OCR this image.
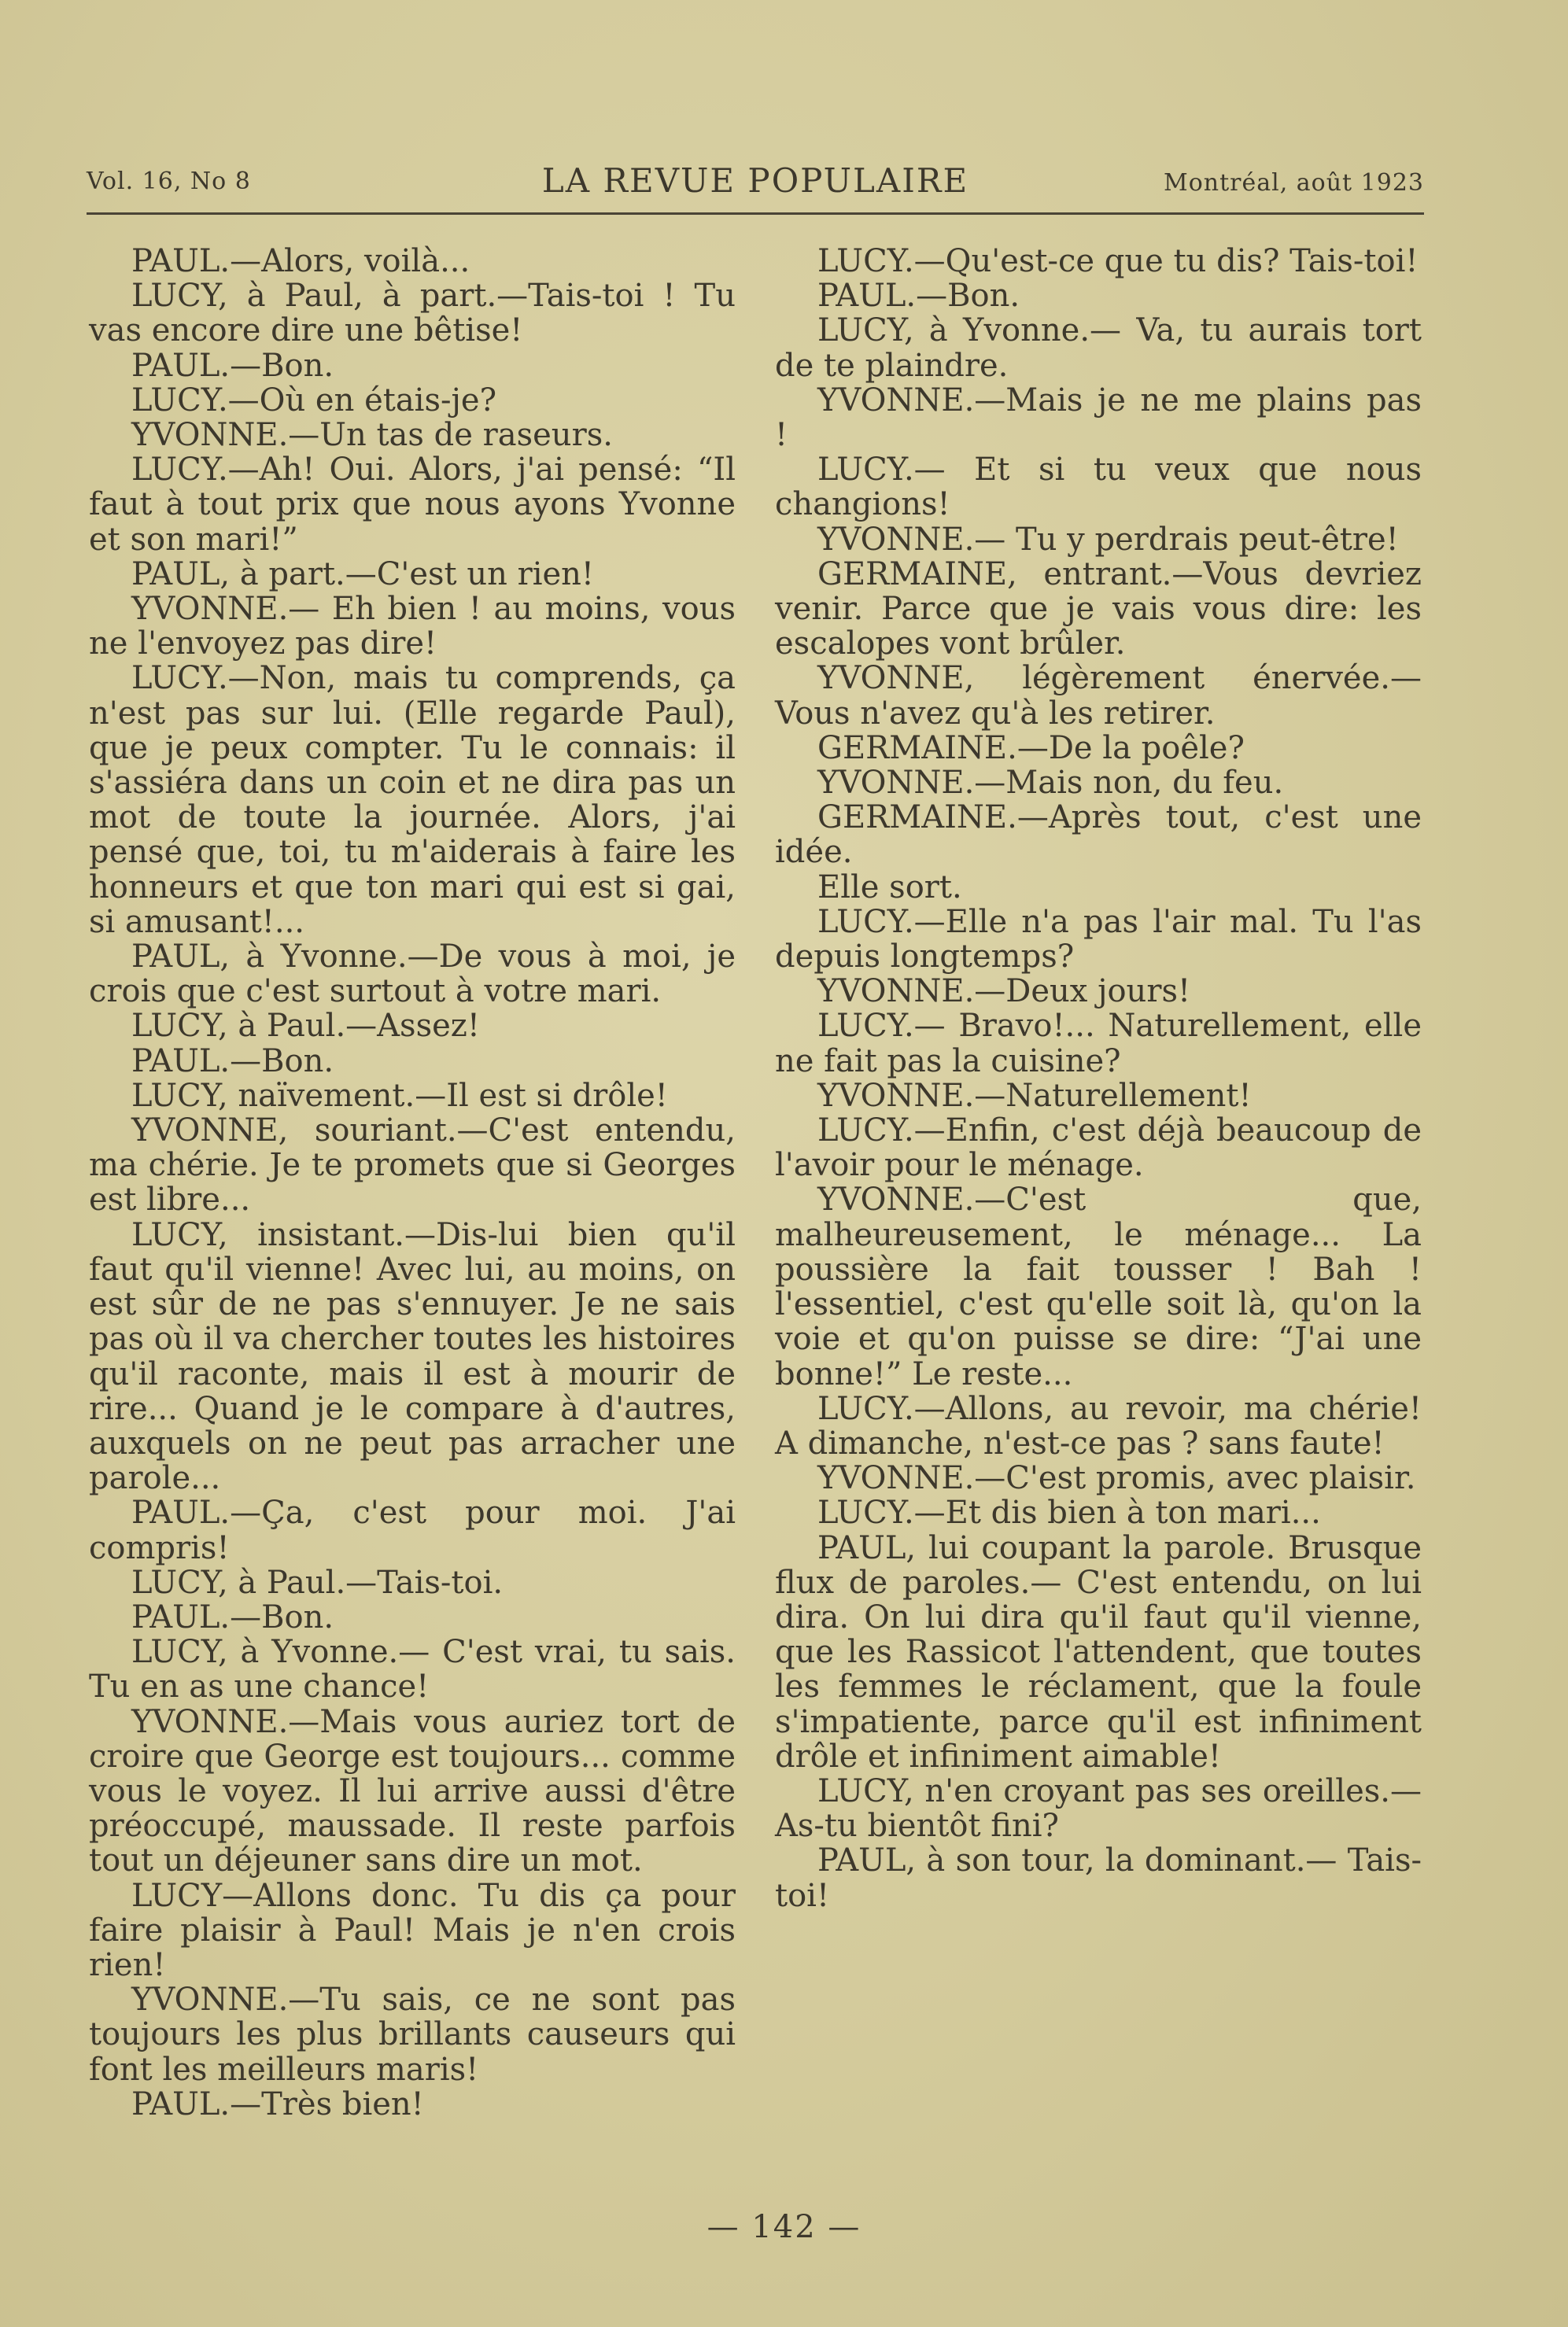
Vol. 16, No 8	LA REVUE POPULAIRE	Montréal, août 1923

PAUL.—Alors, voilà...

LUCY, à Paul, à part.—Tais-toi ! Tu vas encore dire une bêtise!

PAUL.—Bon.

LUCY.—Où en étais-je?

YVONNE.—Un tas de raseurs.

LUCY.—Ah! Oui. Alors, j'ai pensé: “Il faut à tout prix que nous ayons Yvonne et son mari!”

PAUL, à part.—C'est un rien!

YVONNE.— Eh bien ! au moins, vous ne l'envoyez pas dire!

LUCY.—Non, mais tu comprends, ça n'est pas sur lui. (Elle regarde Paul), que je peux compter. Tu le connais: il s'assiéra dans un coin et ne dira pas un mot de toute la journée. Alors, j'ai pensé que, toi, tu m'aiderais à faire les honneurs et que ton mari qui est si gai, si amusant!...

PAUL, à Yvonne.—De vous à moi, je crois que c'est surtout à votre mari.

LUCY, à Paul.—Assez!

PAUL.—Bon.

LUCY, naïvement.—Il est si drôle!

YVONNE, souriant.—C'est entendu, ma chérie. Je te promets que si Georges est libre...

LUCY, insistant.—Dis-lui bien qu'il faut qu'il vienne! Avec lui, au moins, on est sûr de ne pas s'ennuyer. Je ne sais pas où il va chercher toutes les histoires qu'il raconte, mais il est à mourir de rire... Quand je le compare à d'autres, auxquels on ne peut pas arracher une parole...

PAUL.—Ça, c'est pour moi. J'ai compris!

LUCY, à Paul.—Tais-toi.

PAUL.—Bon.

LUCY, à Yvonne.— C'est vrai, tu sais. Tu en as une chance!

YVONNE.—Mais vous auriez tort de croire que George est toujours... comme vous le voyez. Il lui arrive aussi d'être préoccupé, maussade. Il reste parfois tout un déjeuner sans dire un mot.

LUCY—Allons donc. Tu dis ça pour faire plaisir à Paul! Mais je n'en crois rien!

YVONNE.—Tu sais, ce ne sont pas toujours les plus brillants causeurs qui font les meilleurs maris!

PAUL.—Très bien!

LUCY.—Qu'est-ce que tu dis? Tais-toi!

PAUL.—Bon.

LUCY, à Yvonne.— Va, tu aurais tort de te plaindre.

YVONNE.—Mais je ne me plains pas !

LUCY.— Et si tu veux que nous changions!

YVONNE.— Tu y perdrais peut-être!

GERMAINE, entrant.—Vous devriez venir. Parce que je vais vous dire: les escalopes vont brûler.

YVONNE, légèrement énervée.— Vous n'avez qu'à les retirer.

GERMAINE.—De la poêle?

YVONNE.—Mais non, du feu.

GERMAINE.—Après tout, c'est une idée.

Elle sort.

LUCY.—Elle n'a pas l'air mal. Tu l'as depuis longtemps?

YVONNE.—Deux jours!

LUCY.— Bravo!... Naturellement, elle ne fait pas la cuisine?

YVONNE.—Naturellement!

LUCY.—Enfin, c'est déjà beaucoup de l'avoir pour le ménage.

YVONNE.—C'est que, malheureusement, le ménage... La poussière la fait tousser ! Bah ! l'essentiel, c'est qu'elle soit là, qu'on la voie et qu'on puisse se dire: “J'ai une bonne!” Le reste...

LUCY.—Allons, au revoir, ma chérie! A dimanche, n'est-ce pas ? sans faute!

YVONNE.—C'est promis, avec plaisir.

LUCY.—Et dis bien à ton mari...

PAUL, lui coupant la parole. Brusque flux de paroles.— C'est entendu, on lui dira. On lui dira qu'il faut qu'il vienne, que les Rassicot l'attendent, que toutes les femmes le réclament, que la foule s'impatiente, parce qu'il est infiniment drôle et infiniment aimable!

LUCY, n'en croyant pas ses oreilles.—As-tu bientôt fini?

PAUL, à son tour, la dominant.— Tais-toi!

— 142 —
